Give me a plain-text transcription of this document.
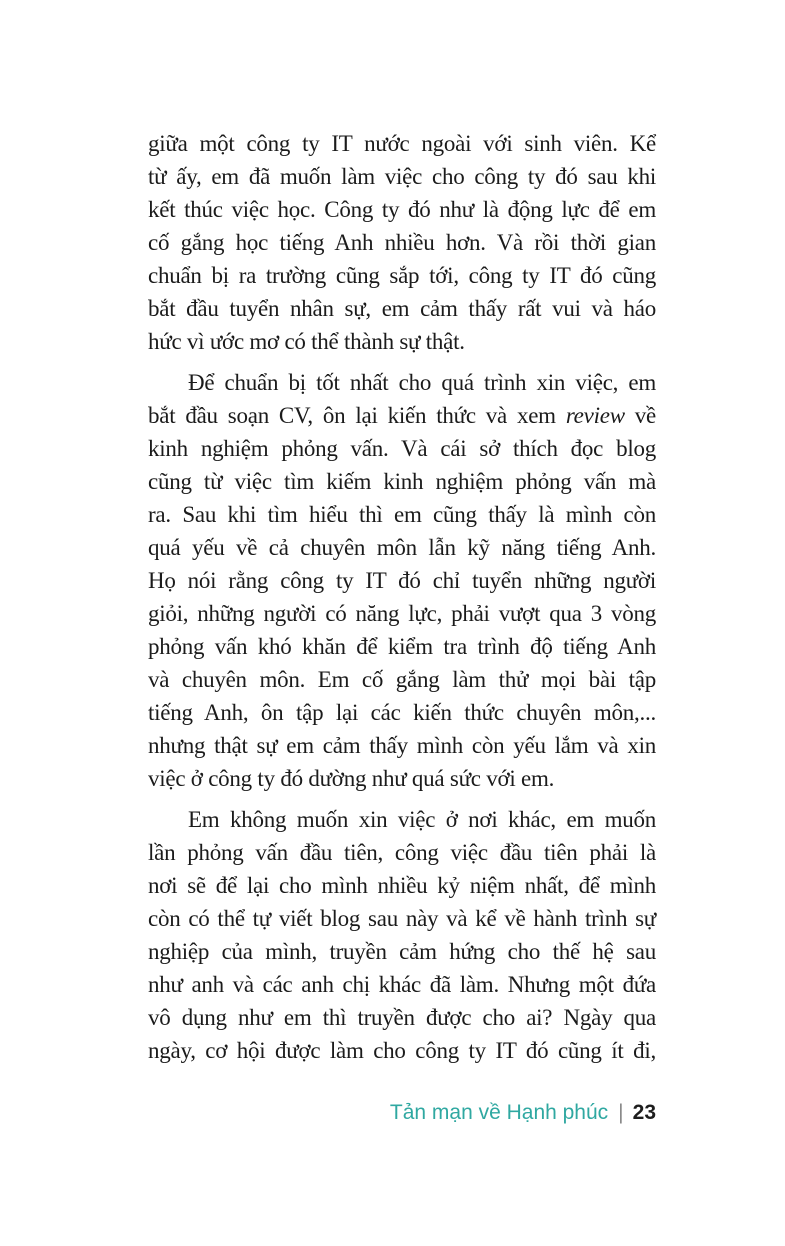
giữa một công ty IT nước ngoài với sinh viên. Kể
từ ấy, em đã muốn làm việc cho công ty đó sau khi
kết thúc việc học. Công ty đó như là động lực để em
cố gắng học tiếng Anh nhiều hơn. Và rồi thời gian
chuẩn bị ra trường cũng sắp tới, công ty IT đó cũng
bắt đầu tuyển nhân sự, em cảm thấy rất vui và háo
hức vì ước mơ có thể thành sự thật.
Để chuẩn bị tốt nhất cho quá trình xin việc, em
bắt đầu soạn CV, ôn lại kiến thức và xem review về
kinh nghiệm phỏng vấn. Và cái sở thích đọc blog
cũng từ việc tìm kiếm kinh nghiệm phỏng vấn mà
ra. Sau khi tìm hiểu thì em cũng thấy là mình còn
quá yếu về cả chuyên môn lẫn kỹ năng tiếng Anh.
Họ nói rằng công ty IT đó chỉ tuyển những người
giỏi, những người có năng lực, phải vượt qua 3 vòng
phỏng vấn khó khăn để kiểm tra trình độ tiếng Anh
và chuyên môn. Em cố gắng làm thử mọi bài tập
tiếng Anh, ôn tập lại các kiến thức chuyên môn,...
nhưng thật sự em cảm thấy mình còn yếu lắm và xin
việc ở công ty đó dường như quá sức với em.
Em không muốn xin việc ở nơi khác, em muốn
lần phỏng vấn đầu tiên, công việc đầu tiên phải là
nơi sẽ để lại cho mình nhiều kỷ niệm nhất, để mình
còn có thể tự viết blog sau này và kể về hành trình sự
nghiệp của mình, truyền cảm hứng cho thế hệ sau
như anh và các anh chị khác đã làm. Nhưng một đứa
vô dụng như em thì truyền được cho ai? Ngày qua
ngày, cơ hội được làm cho công ty IT đó cũng ít đi,
Tản mạn về Hạnh phúc | 23
